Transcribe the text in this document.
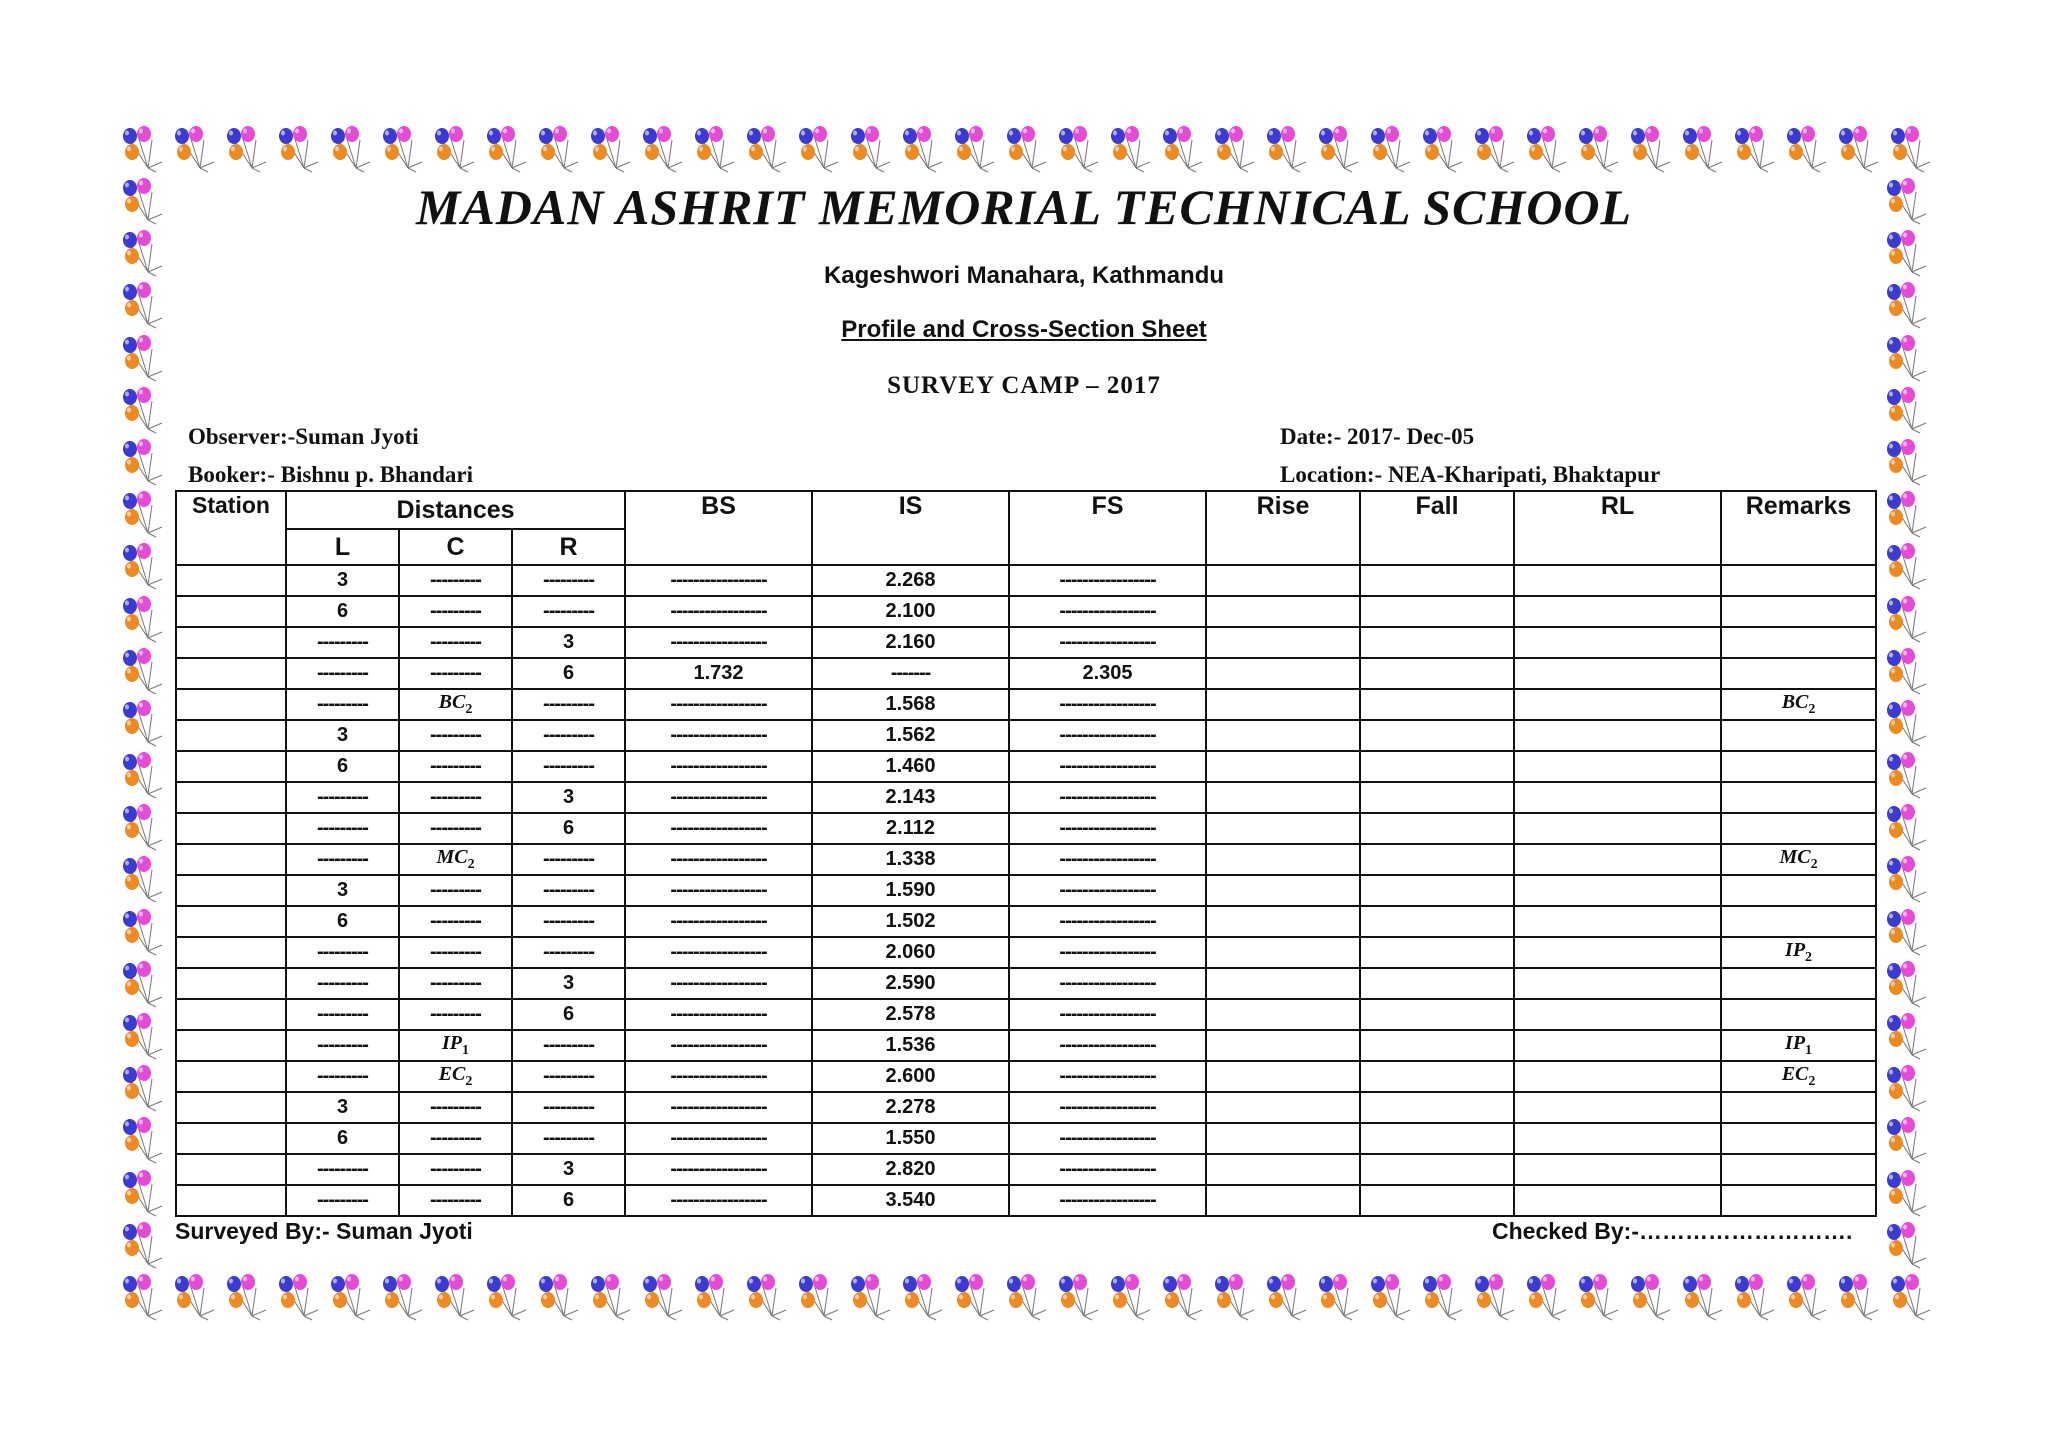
MADAN ASHRIT MEMORIAL TECHNICAL SCHOOL
Kageshwori Manahara, Kathmandu
Profile and Cross-Section Sheet
SURVEY CAMP – 2017
Observer:-Suman Jyoti
Booker:- Bishnu p. Bhandari
Date:- 2017- Dec-05
Location:- NEA-Kharipati, Bhaktapur
Station	Distances			BS	IS	FS	Rise	Fall	RL	Remarks
	L	C	R							
	3	---------	---------	-----------------	2.268	-----------------				
	6	---------	---------	-----------------	2.100	-----------------				
	---------	---------	3	-----------------	2.160	-----------------				
	---------	---------	6	1.732	-------	2.305				
	---------	$BC_2$	---------	-----------------	1.568	-----------------				$BC_2$
	3	---------	---------	-----------------	1.562	-----------------				
	6	---------	---------	-----------------	1.460	-----------------				
	---------	---------	3	-----------------	2.143	-----------------				
	---------	---------	6	-----------------	2.112	-----------------				
	---------	$MC_2$	---------	-----------------	1.338	-----------------				$MC_2$
	3	---------	---------	-----------------	1.590	-----------------				
	6	---------	---------	-----------------	1.502	-----------------				
	---------	---------	---------	-----------------	2.060	-----------------				$IP_2$
	---------	---------	3	-----------------	2.590	-----------------				
	---------	---------	6	-----------------	2.578	-----------------				
	---------	$IP_1$	---------	-----------------	1.536	-----------------				$IP_1$
	---------	$EC_2$	---------	-----------------	2.600	-----------------				$EC_2$
	3	---------	---------	-----------------	2.278	-----------------				
	6	---------	---------	-----------------	1.550	-----------------				
	---------	---------	3	-----------------	2.820	-----------------				
	---------	---------	6	-----------------	3.540	-----------------				
Surveyed By:- Suman Jyoti	Checked By:-……………………….
